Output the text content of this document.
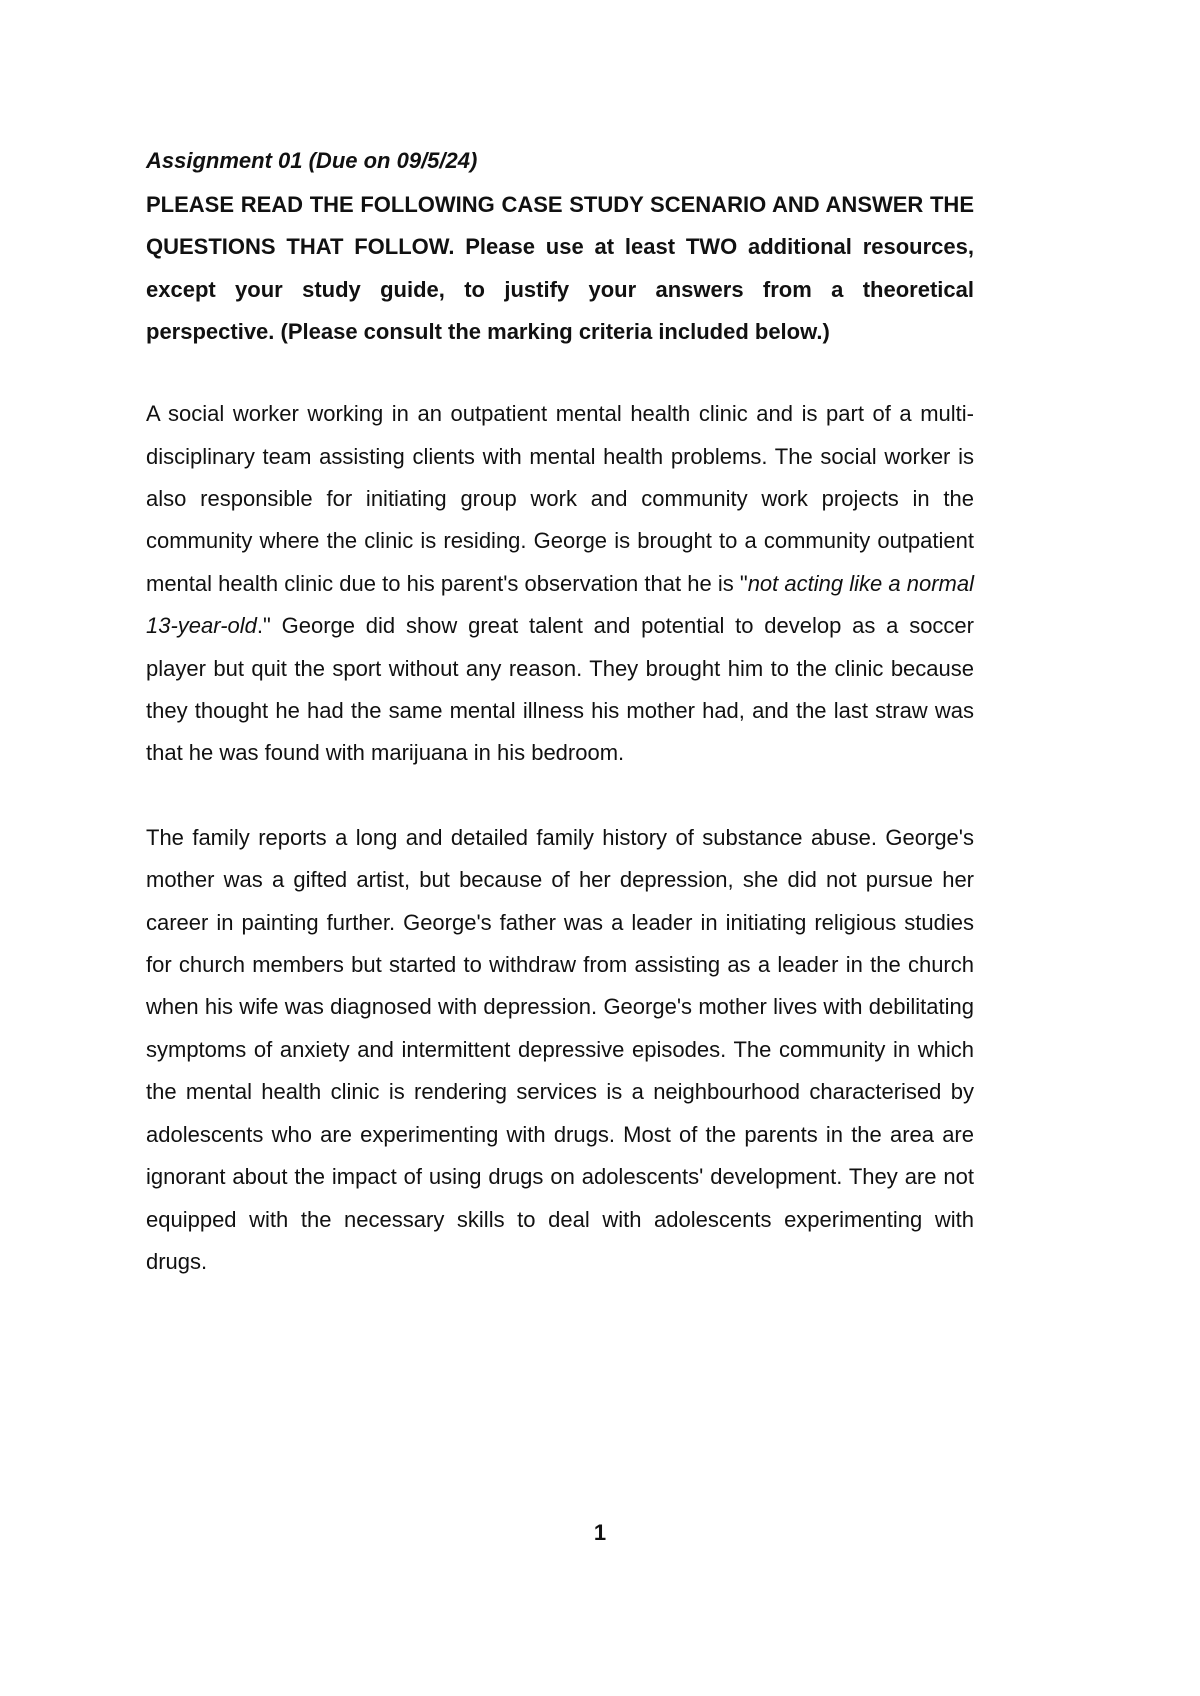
Assignment 01 (Due on 09/5/24)

PLEASE READ THE FOLLOWING CASE STUDY SCENARIO AND ANSWER THE QUESTIONS THAT FOLLOW. Please use at least TWO additional resources, except your study guide, to justify your answers from a theoretical perspective. (Please consult the marking criteria included below.)

A social worker working in an outpatient mental health clinic and is part of a multi-disciplinary team assisting clients with mental health problems. The social worker is also responsible for initiating group work and community work projects in the community where the clinic is residing. George is brought to a community outpatient mental health clinic due to his parent's observation that he is "not acting like a normal 13-year-old." George did show great talent and potential to develop as a soccer player but quit the sport without any reason. They brought him to the clinic because they thought he had the same mental illness his mother had, and the last straw was that he was found with marijuana in his bedroom.

The family reports a long and detailed family history of substance abuse. George's mother was a gifted artist, but because of her depression, she did not pursue her career in painting further. George's father was a leader in initiating religious studies for church members but started to withdraw from assisting as a leader in the church when his wife was diagnosed with depression. George's mother lives with debilitating symptoms of anxiety and intermittent depressive episodes. The community in which the mental health clinic is rendering services is a neighbourhood characterised by adolescents who are experimenting with drugs. Most of the parents in the area are ignorant about the impact of using drugs on adolescents' development. They are not equipped with the necessary skills to deal with adolescents experimenting with drugs.

1
